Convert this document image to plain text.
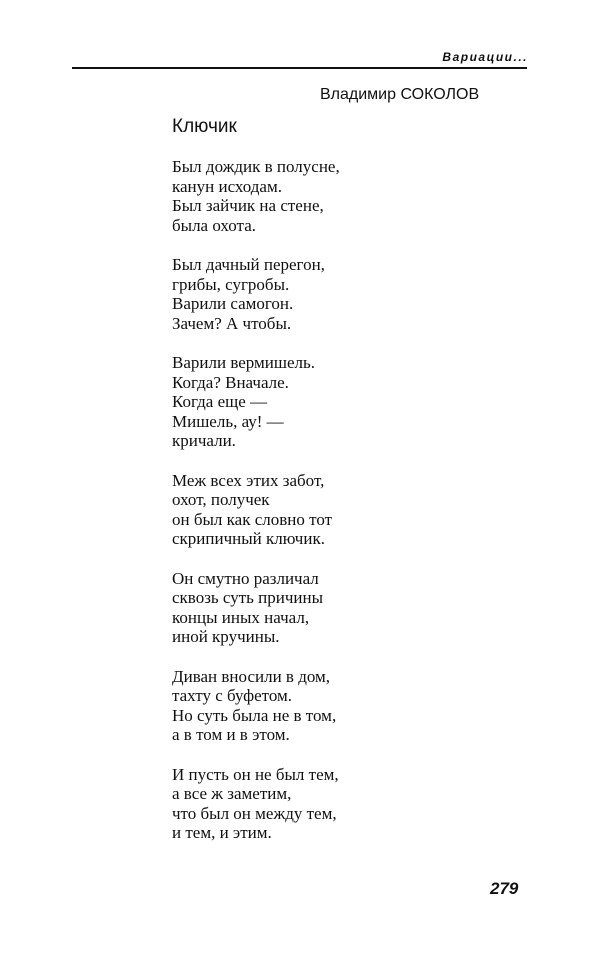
Вариации...
Владимир СОКОЛОВ
Ключик
Был дождик в полусне,
канун исходам.
Был зайчик на стене,
была охота.
Был дачный перегон,
грибы, сугробы.
Варили самогон.
Зачем? А чтобы.
Варили вермишель.
Когда? Вначале.
Когда еще —
Мишель, ау! —
кричали.
Меж всех этих забот,
охот, получек
он был как словно тот
скрипичный ключик.
Он смутно различал
сквозь суть причины
концы иных начал,
иной кручины.
Диван вносили в дом,
тахту с буфетом.
Но суть была не в том,
а в том и в этом.
И пусть он не был тем,
а все ж заметим,
что был он между тем,
и тем, и этим.
279
